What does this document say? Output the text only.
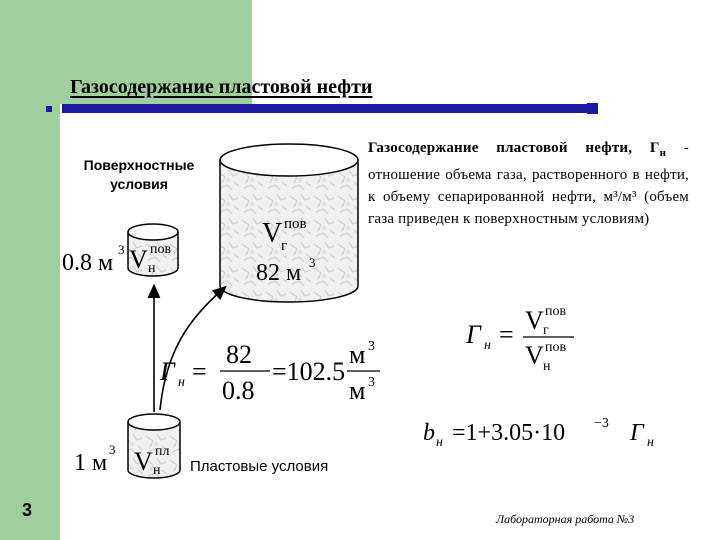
Газосодержание пластовой нефти
Поверхностные условия
Пластовые условия
Газосодержание пластовой нефти, $Г_н$ - отношение объема газа, растворенного в нефти, к объему сепарированной нефти, м³/м³ (объем газа приведен к поверхностным условиям)
V пов
г
82 м 3
0.8 м
3 V пов
н
1 м
3 V пл
н
Г н =
82
0.8
=102.5
м 3
м 3
Г н = V пов
г
V пов
н
b н =1+3.05·10 −3 Г н
3	Лабораторная работа №3
